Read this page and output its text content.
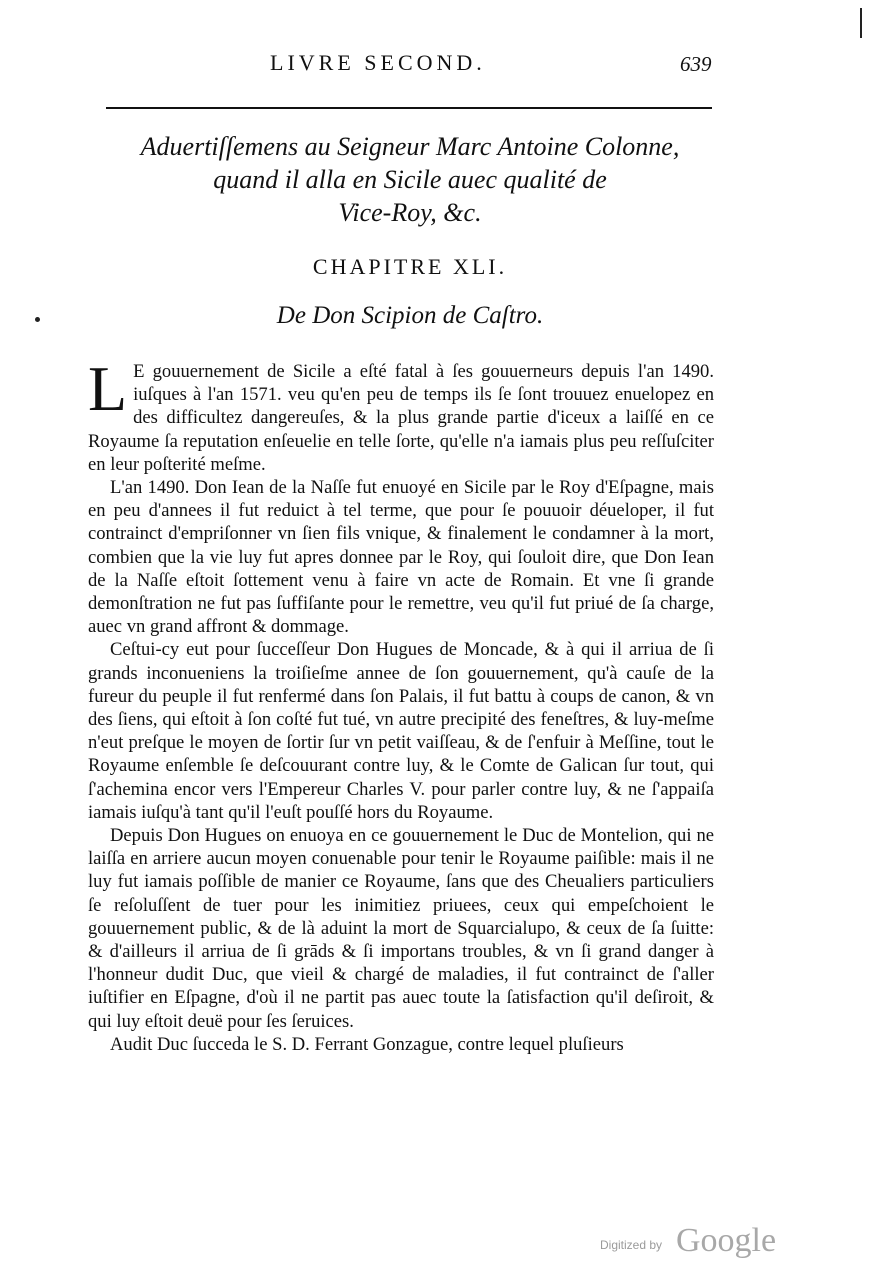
LIVRE SECOND.	639
Aduertiſſemens au Seigneur Marc Antoine Colonne,
quand il alla en Sicile auec qualité de
Vice-Roy, &c.
CHAPITRE XLI.
De Don Scipion de Caſtro.

L E gouuernement de Sicile a eſté fatal à ſes gouuerneurs depuis l'an 1490. iuſques à l'an 1571. veu qu'en peu de temps ils ſe ſont trouuez enuelopez en des difficultez dangereuſes, & la plus grande partie d'iceux a laiſſé en ce Royaume ſa reputation enſeuelie en telle ſorte, qu'elle n'a iamais plus peu reſſuſciter en leur poſterité meſme.

L'an 1490. Don Iean de la Naſſe fut enuoyé en Sicile par le Roy d'Eſpagne, mais en peu d'annees il fut reduict à tel terme, que pour ſe pouuoir déueloper, il fut contrainct d'empriſonner vn ſien fils vnique, & finalement le condamner à la mort, combien que la vie luy fut apres donnee par le Roy, qui ſouloit dire, que Don Iean de la Naſſe eſtoit ſottement venu à faire vn acte de Romain. Et vne ſi grande demonſtration ne fut pas ſuffiſante pour le remettre, veu qu'il fut priué de ſa charge, auec vn grand affront & dommage.

Ceſtui-cy eut pour ſucceſſeur Don Hugues de Moncade, & à qui il arriua de ſi grands inconueniens la troiſieſme annee de ſon gouuernement, qu'à cauſe de la fureur du peuple il fut renfermé dans ſon Palais, il fut battu à coups de canon, & vn des ſiens, qui eſtoit à ſon coſté fut tué, vn autre precipité des feneſtres, & luy-meſme n'eut preſque le moyen de ſortir ſur vn petit vaiſſeau, & de ſ'enfuir à Meſſine, tout le Royaume enſemble ſe deſcouurant contre luy, & le Comte de Galican ſur tout, qui ſ'achemina encor vers l'Empereur Charles V. pour parler contre luy, & ne ſ'appaiſa iamais iuſqu'à tant qu'il l'euſt pouſſé hors du Royaume.

Depuis Don Hugues on enuoya en ce gouuernement le Duc de Montelion, qui ne laiſſa en arriere aucun moyen conuenable pour tenir le Royaume paiſible: mais il ne luy fut iamais poſſible de manier ce Royaume, ſans que des Cheualiers particuliers ſe reſoluſſent de tuer pour les inimitiez priuees, ceux qui empeſchoient le gouuernement public, & de là aduint la mort de Squarcialupo, & ceux de ſa ſuitte: & d'ailleurs il arriua de ſi grāds & ſi importans troubles, & vn ſi grand danger à l'honneur dudit Duc, que vieil & chargé de maladies, il fut contrainct de ſ'aller iuſtifier en Eſpagne, d'où il ne partit pas auec toute la ſatisfaction qu'il deſiroit, & qui luy eſtoit deuë pour ſes ſeruices.

Audit Duc ſucceda le S. D. Ferrant Gonzague, contre lequel pluſieurs

Digitized by Google
